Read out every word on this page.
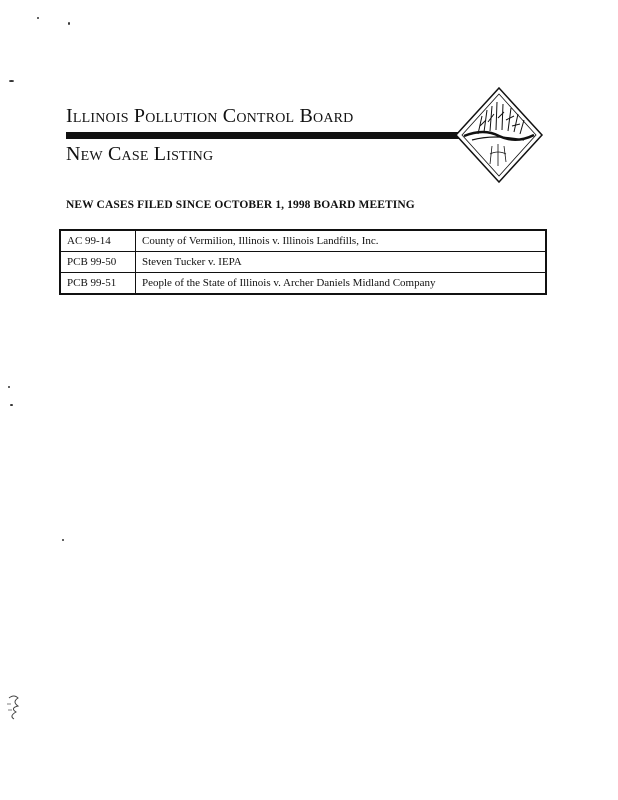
Illinois Pollution Control Board
New Case Listing
NEW CASES FILED SINCE OCTOBER 1, 1998 BOARD MEETING
AC 99-14	County of Vermilion, Illinois v. Illinois Landfills, Inc.
PCB 99-50	Steven Tucker v. IEPA
PCB 99-51	People of the State of Illinois v. Archer Daniels Midland Company
